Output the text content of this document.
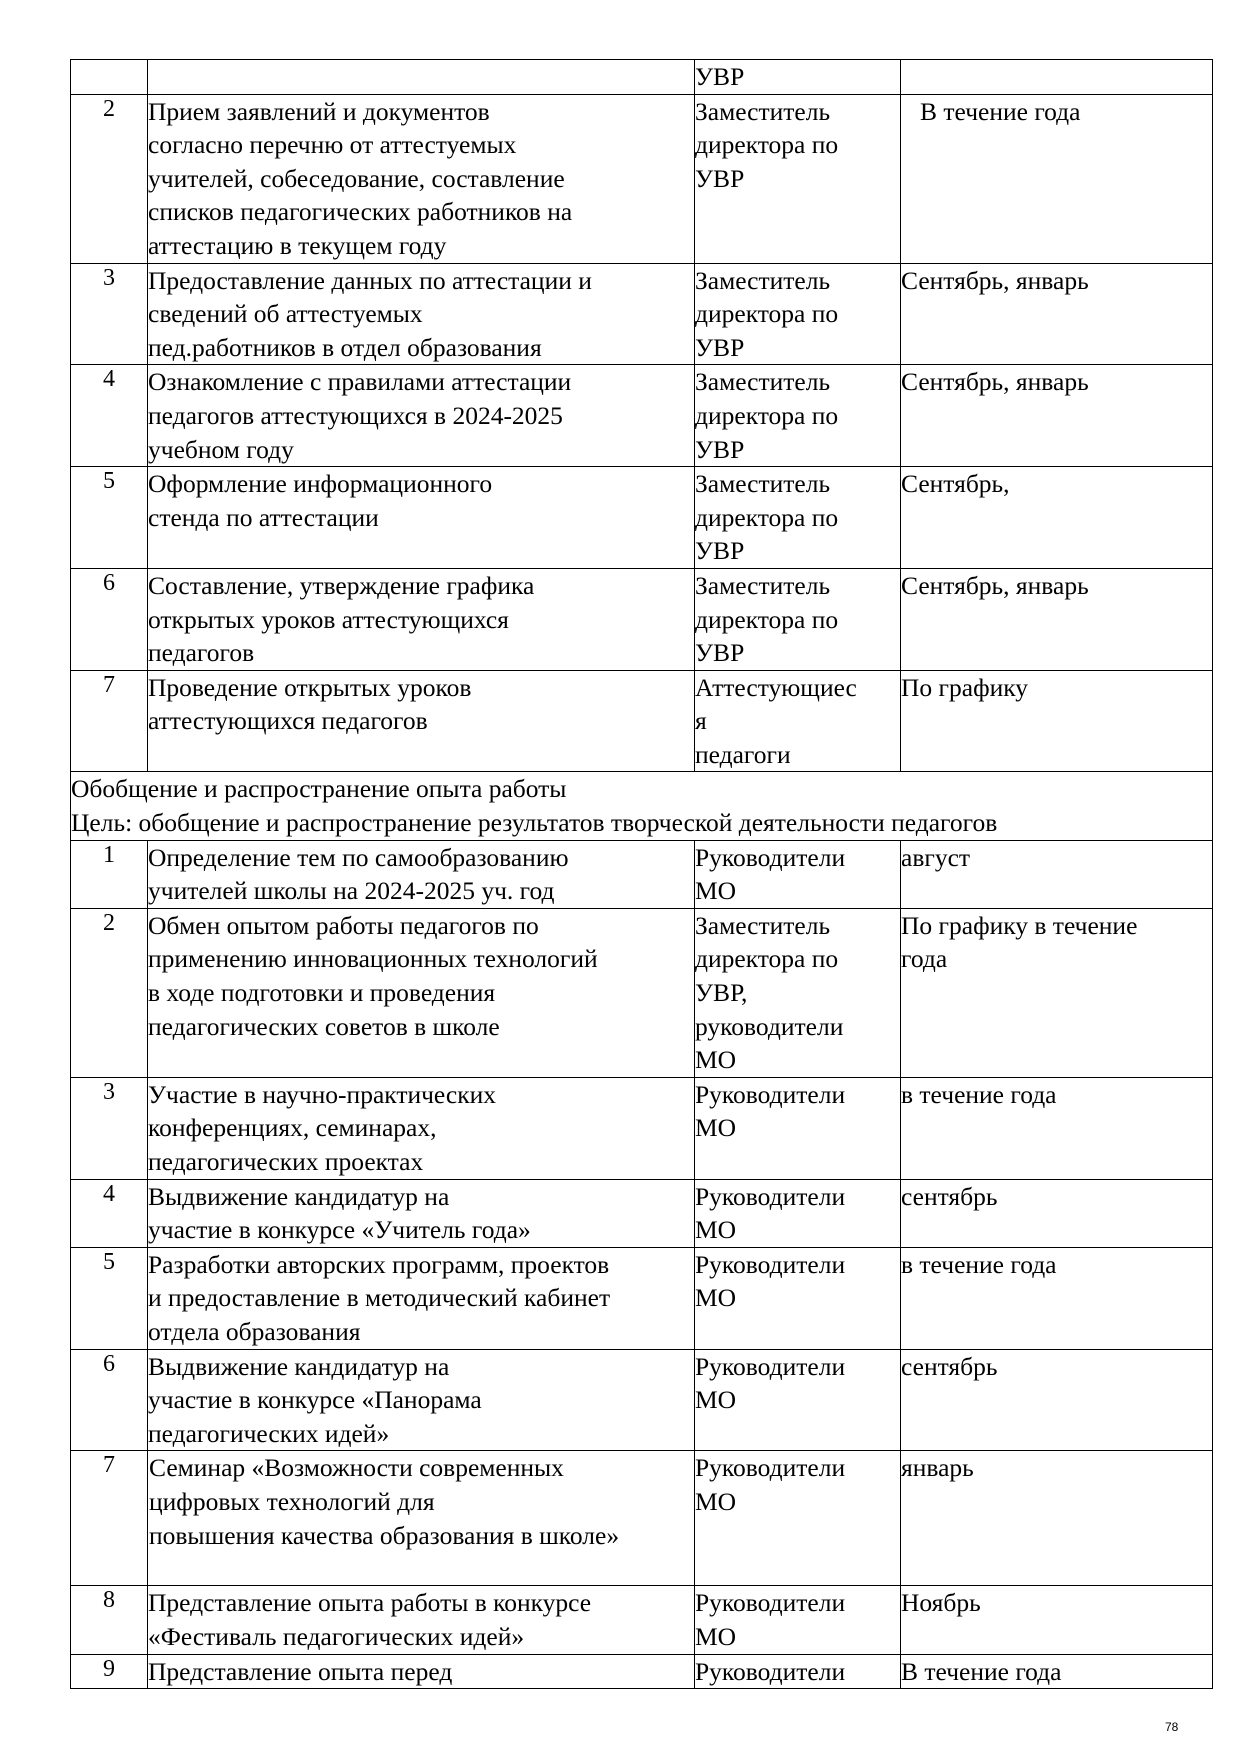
		УВР	

2	Прием заявлений и документов
согласно перечню от аттестуемых
учителей, собеседование, составление
списков педагогических работников на
аттестацию в текущем году	Заместитель
директора по
УВР	В течение года

3	Предоставление данных по аттестации и
сведений об аттестуемых
пед.работников в отдел образования	Заместитель
директора по
УВР	Сентябрь, январь

4	Ознакомление с правилами аттестации
педагогов аттестующихся в 2024-2025
учебном году	Заместитель
директора по
УВР	Сентябрь, январь

5	Оформление информационного
стенда по аттестации	Заместитель
директора по
УВР	Сентябрь,

6	Составление, утверждение графика
открытых уроков аттестующихся
педагогов	Заместитель
директора по
УВР	Сентябрь, январь

7	Проведение открытых уроков
аттестующихся педагогов	Аттестующиес
я
педагоги	По графику

Обобщение и распространение опыта работы
Цель: обобщение и распространение результатов творческой деятельности педагогов			

1	Определение тем по самообразованию
учителей школы на 2024-2025 уч. год	Руководители
МО	август

2	Обмен опытом работы педагогов по
применению инновационных технологий
в ходе подготовки и проведения
педагогических советов в школе	Заместитель
директора по
УВР,
руководители
МО	По графику в течение
года

3	Участие в научно-практических
конференциях, семинарах,
педагогических проектах	Руководители
МО	в течение года

4	Выдвижение кандидатур на
участие в конкурсе «Учитель года»	Руководители
МО	сентябрь

5	Разработки авторских программ, проектов
и предоставление в методический кабинет
отдела образования	Руководители
МО	в течение года

6	Выдвижение кандидатур на
участие в конкурсе «Панорама
педагогических идей»	Руководители
МО	сентябрь

7	Семинар «Возможности современных
цифровых технологий для
повышения качества образования в школе»	Руководители
МО	январь

8	Представление опыта работы в конкурсе
«Фестиваль педагогических идей»	Руководители
МО	Ноябрь

9	Представление опыта перед	Руководители	В течение года
78
